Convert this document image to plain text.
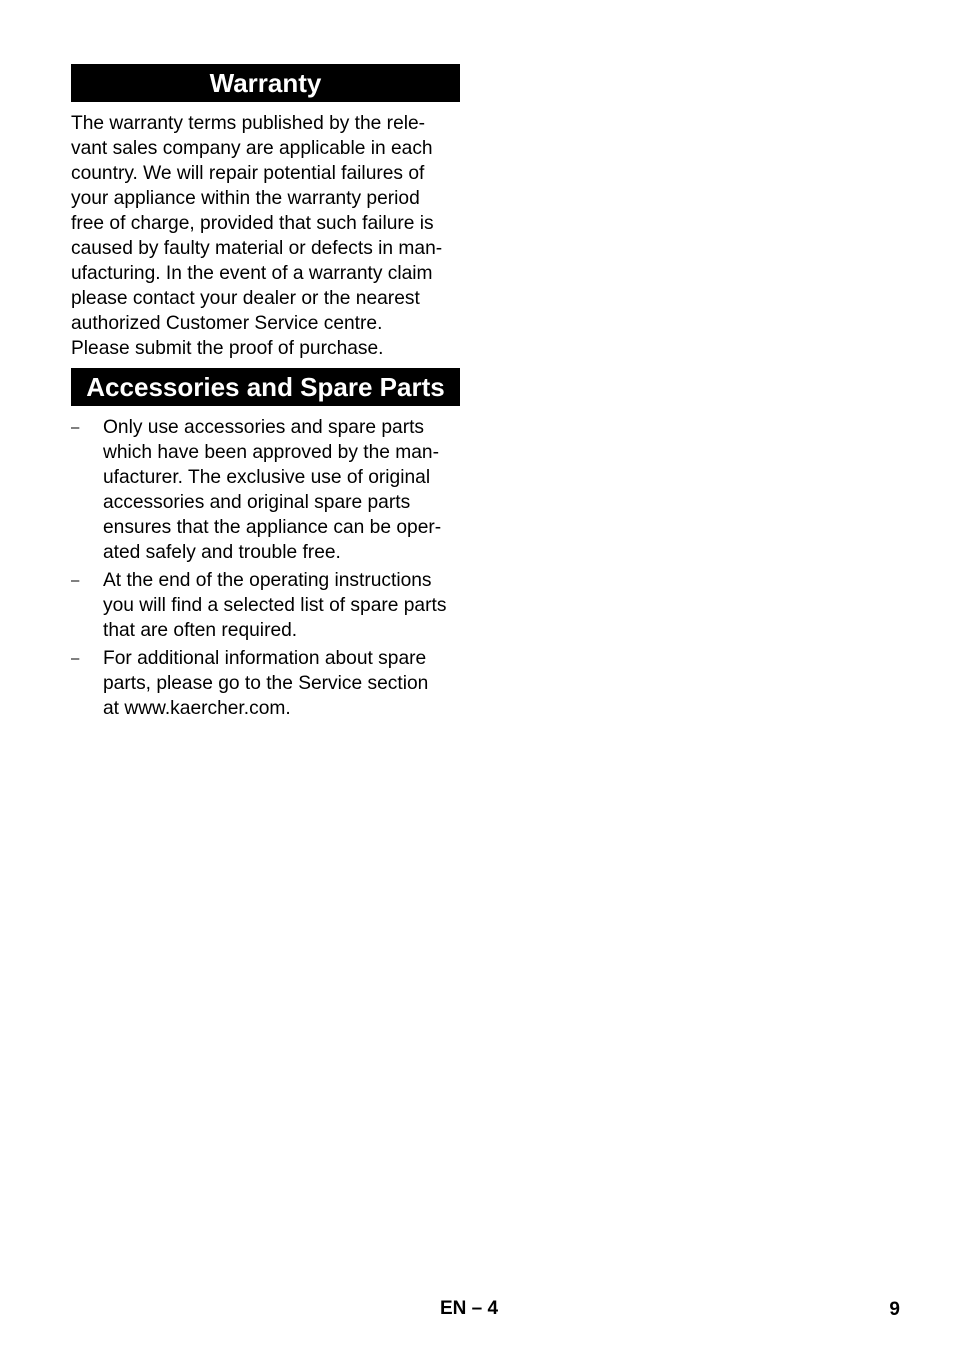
Warranty
The warranty terms published by the rele-
vant sales company are applicable in each
country. We will repair potential failures of
your appliance within the warranty period
free of charge, provided that such failure is
caused by faulty material or defects in man-
ufacturing. In the event of a warranty claim
please contact your dealer or the nearest
authorized Customer Service centre.
Please submit the proof of purchase.
Accessories and Spare Parts
– Only use accessories and spare parts
which have been approved by the man-
ufacturer. The exclusive use of original
accessories and original spare parts
ensures that the appliance can be oper-
ated safely and trouble free.
– At the end of the operating instructions
you will find a selected list of spare parts
that are often required.
– For additional information about spare
parts, please go to the Service section
at www.kaercher.com.
EN – 4	9
